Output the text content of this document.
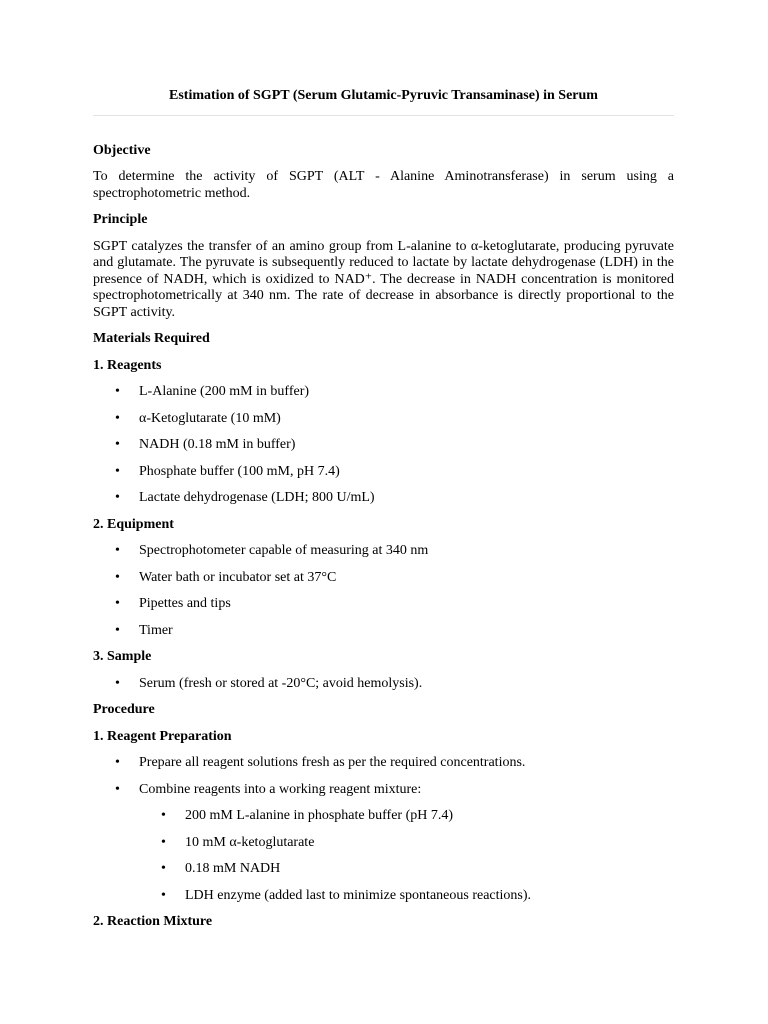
Estimation of SGPT (Serum Glutamic-Pyruvic Transaminase) in Serum
Objective

To determine the activity of SGPT (ALT - Alanine Aminotransferase) in serum using a spectrophotometric method.

Principle

SGPT catalyzes the transfer of an amino group from L-alanine to α-ketoglutarate, producing pyruvate and glutamate. The pyruvate is subsequently reduced to lactate by lactate dehydrogenase (LDH) in the presence of NADH, which is oxidized to NAD⁺. The decrease in NADH concentration is monitored spectrophotometrically at 340 nm. The rate of decrease in absorbance is directly proportional to the SGPT activity.

Materials Required
1. Reagents
• L-Alanine (200 mM in buffer)
• α-Ketoglutarate (10 mM)
• NADH (0.18 mM in buffer)
• Phosphate buffer (100 mM, pH 7.4)
• Lactate dehydrogenase (LDH; 800 U/mL)
2. Equipment
• Spectrophotometer capable of measuring at 340 nm
• Water bath or incubator set at 37°C
• Pipettes and tips
• Timer
3. Sample
• Serum (fresh or stored at -20°C; avoid hemolysis).
Procedure
1. Reagent Preparation
• Prepare all reagent solutions fresh as per the required concentrations.
• Combine reagents into a working reagent mixture:
• 200 mM L-alanine in phosphate buffer (pH 7.4)
• 10 mM α-ketoglutarate
• 0.18 mM NADH
• LDH enzyme (added last to minimize spontaneous reactions).
2. Reaction Mixture
